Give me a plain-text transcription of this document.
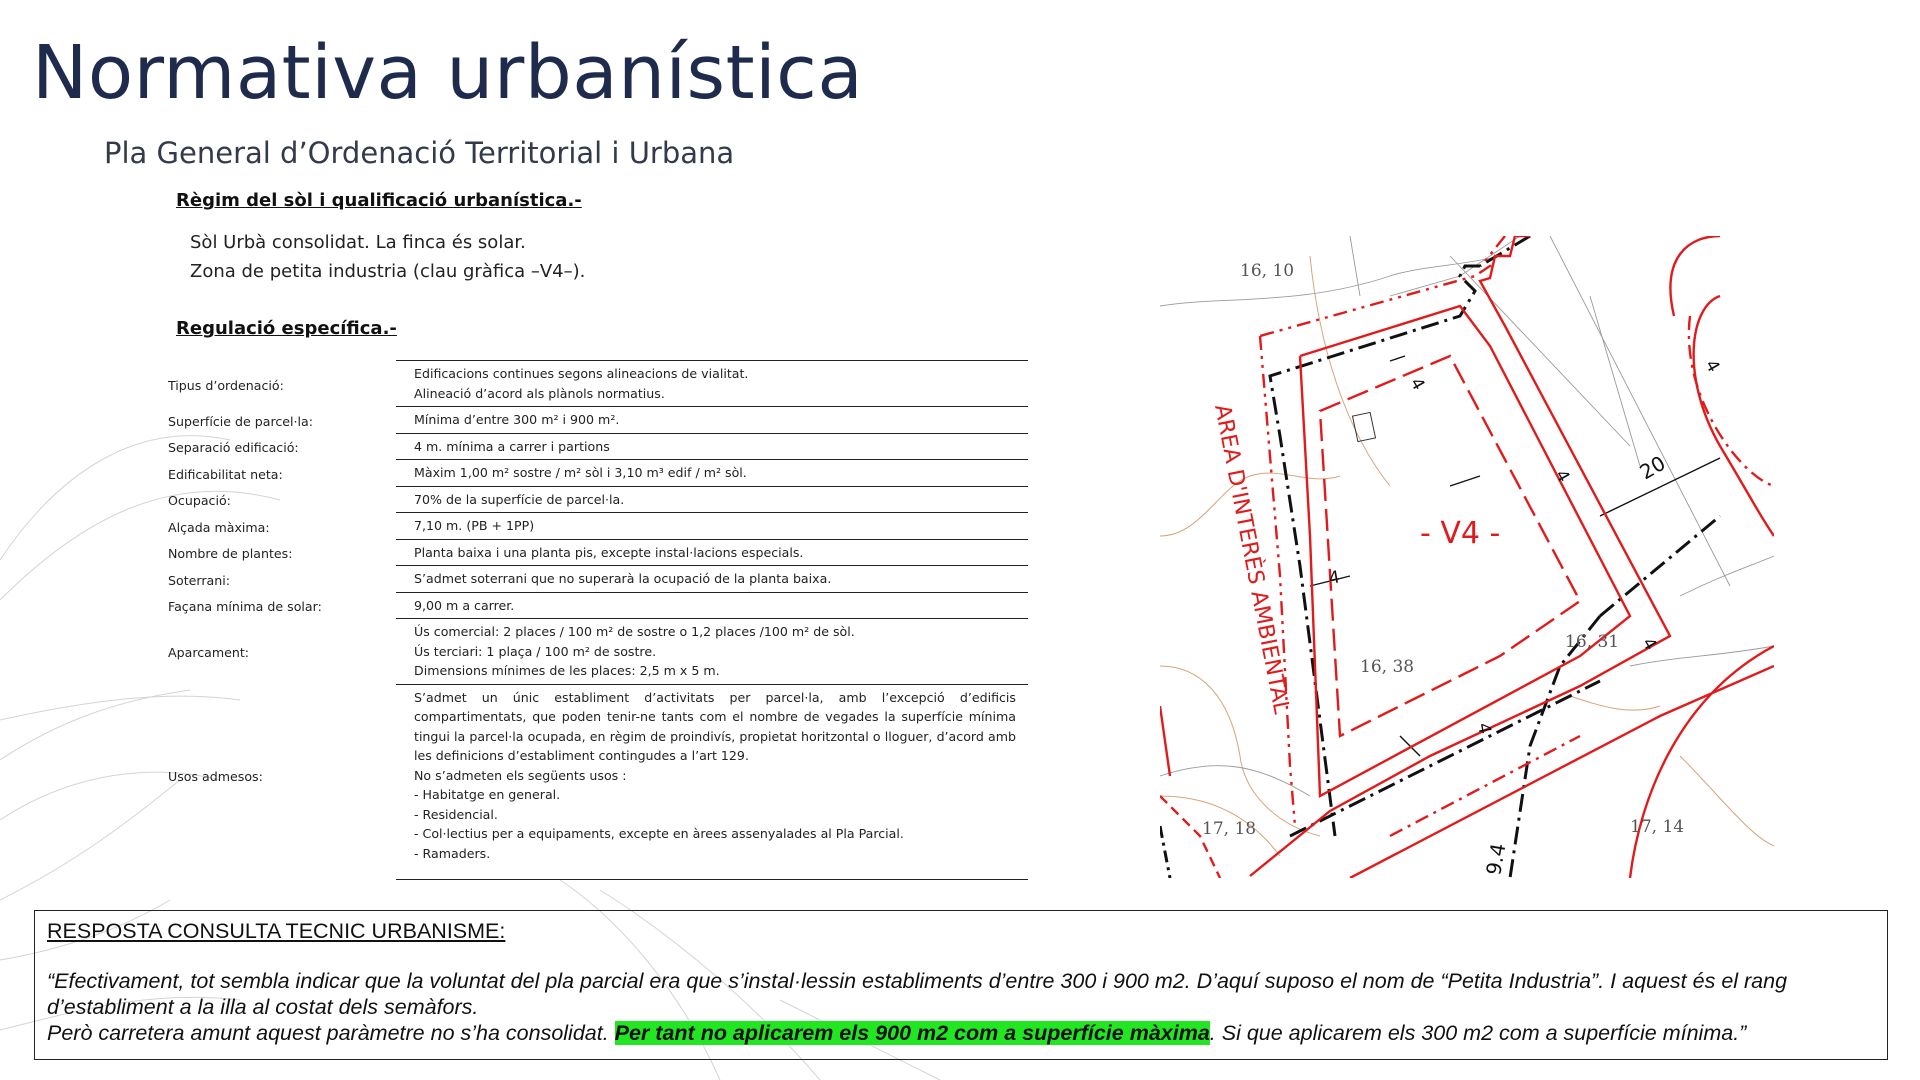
Normativa urbanística
Pla General d’Ordenació Territorial i Urbana
Règim del sòl i qualificació urbanística.-
Sòl Urbà consolidat. La finca és solar.
Zona de petita industria (clau gràfica –V4–).
Regulació específica.-
Tipus d’ordenació:
Edificacions continues segons alineacions de vialitat.
Alineació d’acord als plànols normatius.
Superfície de parcel·la:	Mínima d’entre 300 m² i 900 m².
Separació edificació:	4 m. mínima a carrer i partions
Edificabilitat neta:	Màxim 1,00 m² sostre / m² sòl i 3,10 m³ edif / m² sòl.
Ocupació:	70% de la superfície de parcel·la.
Alçada màxima:	7,10 m. (PB + 1PP)
Nombre de plantes:	Planta baixa i una planta pis, excepte instal·lacions especials.
Soterrani:	S’admet soterrani que no superarà la ocupació de la planta baixa.
Façana mínima de solar:	9,00 m a carrer.
Aparcament:
Ús comercial: 2 places / 100 m² de sostre o 1,2 places /100 m² de sòl.
Ús terciari: 1 plaça / 100 m² de sostre.
Dimensions mínimes de les places: 2,5 m x 5 m.
Usos admesos:
S’admet un únic establiment d’activitats per parcel·la, amb l’excepció d’edificis compartimentats, que poden tenir-ne tants com el nombre de vegades la superfície mínima tingui la parcel·la ocupada, en règim de proindivís, propietat horitzontal o lloguer, d’acord amb les definicions d’establiment contingudes a l’art 129.
No s’admeten els següents usos :
- Habitatge en general.
- Residencial.
- Col·lectius per a equipaments, excepte en àrees assenyalades al Pla Parcial.
- Ramaders.
16, 10
16, 38
16, 31
17, 18	17, 14
- V4 -
AREA D'INTERÈS AMBIENTAL
4
4
4
4
4
4
20
9.4
RESPOSTA CONSULTA TECNIC URBANISME:
“Efectivament, tot sembla indicar que la voluntat del pla parcial era que s’instal·lessin establiments d’entre 300 i 900 m2. D’aquí suposo el nom de “Petita Industria”. I aquest és el rang d’establiment a la illa al costat dels semàfors.
Però carretera amunt aquest paràmetre no s’ha consolidat. Per tant no aplicarem els 900 m2 com a superfície màxima. Si que aplicarem els 300 m2 com a superfície mínima.”
